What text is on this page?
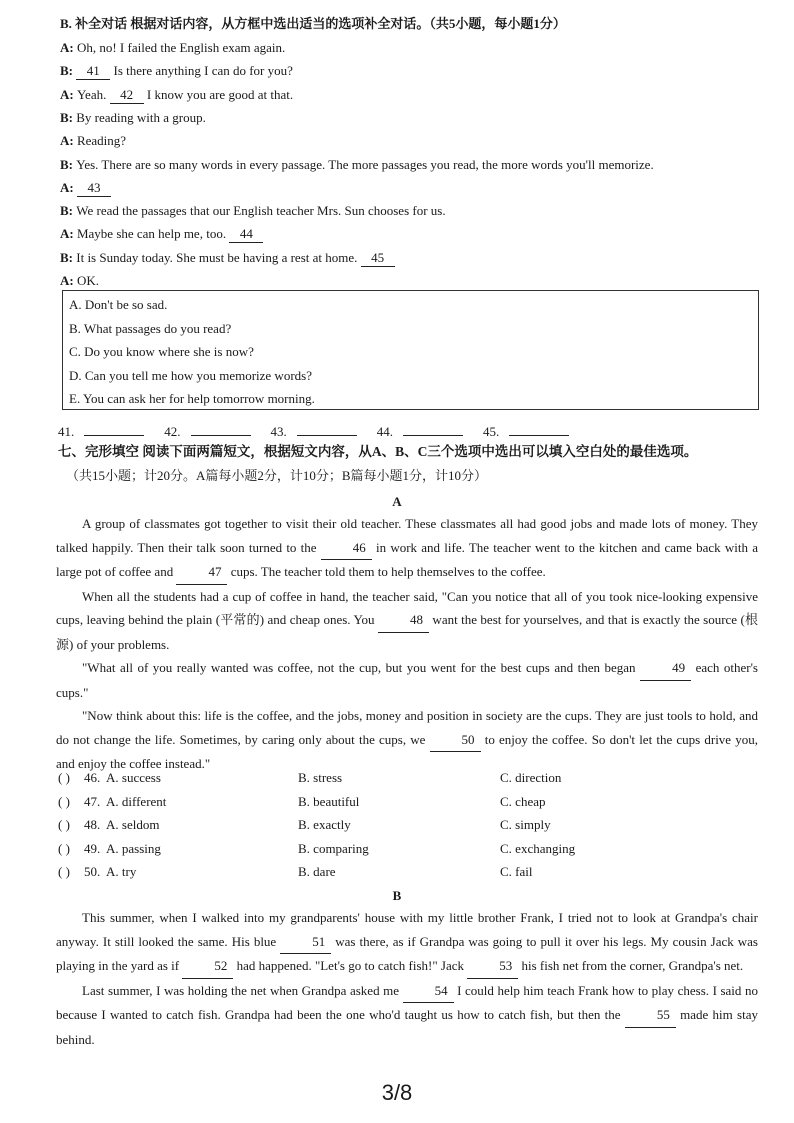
B. 补全对话 根据对话内容，从方框中选出适当的选项补全对话。（共5小题，每小题1分）
A: Oh, no! I failed the English exam again.
B: 41 Is there anything I can do for you?
A: Yeah. 42 I know you are good at that.
B: By reading with a group.
A: Reading?
B: Yes. There are so many words in every passage. The more passages you read, the more words you'll memorize.
A: 43
B: We read the passages that our English teacher Mrs. Sun chooses for us.
A: Maybe she can help me, too. 44
B: It is Sunday today. She must be having a rest at home. 45
A: OK.
A. Don't be so sad.
B. What passages do you read?
C. Do you know where she is now?
D. Can you tell me how you memorize words?
E. You can ask her for help tomorrow morning.
41.	42.	43.	44.	45.
七、完形填空 阅读下面两篇短文，根据短文内容，从A、B、C三个选项中选出可以填入空白处的最佳选项。
（共15小题；计20分。A篇每小题2分，计10分；B篇每小题1分，计10分）
A

A group of classmates got together to visit their old teacher. These classmates all had good jobs and made lots of money. They talked happily. Then their talk soon turned to the 46 in work and life. The teacher went to the kitchen and came back with a large pot of coffee and 47 cups. The teacher told them to help themselves to the coffee.

When all the students had a cup of coffee in hand, the teacher said, "Can you notice that all of you took nice-looking expensive cups, leaving behind the plain (平常的) and cheap ones. You 48 want the best for yourselves, and that is exactly the source (根源) of your problems.

"What all of you really wanted was coffee, not the cup, but you went for the best cups and then began 49 each other's cups."

"Now think about this: life is the coffee, and the jobs, money and position in society are the cups. They are just tools to hold, and do not change the life. Sometimes, by caring only about the cups, we 50 to enjoy the coffee. So don't let the cups drive you, and enjoy the coffee instead."

( ) 46. A. success	B. stress	C. direction
( ) 47. A. different	B. beautiful	C. cheap
( ) 48. A. seldom	B. exactly	C. simply
( ) 49. A. passing	B. comparing	C. exchanging
( ) 50. A. try	B. dare	C. fail
B

This summer, when I walked into my grandparents' house with my little brother Frank, I tried not to look at Grandpa's chair anyway. It still looked the same. His blue 51 was there, as if Grandpa was going to pull it over his legs. My cousin Jack was playing in the yard as if 52 had happened. "Let's go to catch fish!" Jack 53 his fish net from the corner, Grandpa's net.

Last summer, I was holding the net when Grandpa asked me 54 I could help him teach Frank how to play chess. I said no because I wanted to catch fish. Grandpa had been the one who'd taught us how to catch fish, but then the 55 made him stay behind.

3/8
